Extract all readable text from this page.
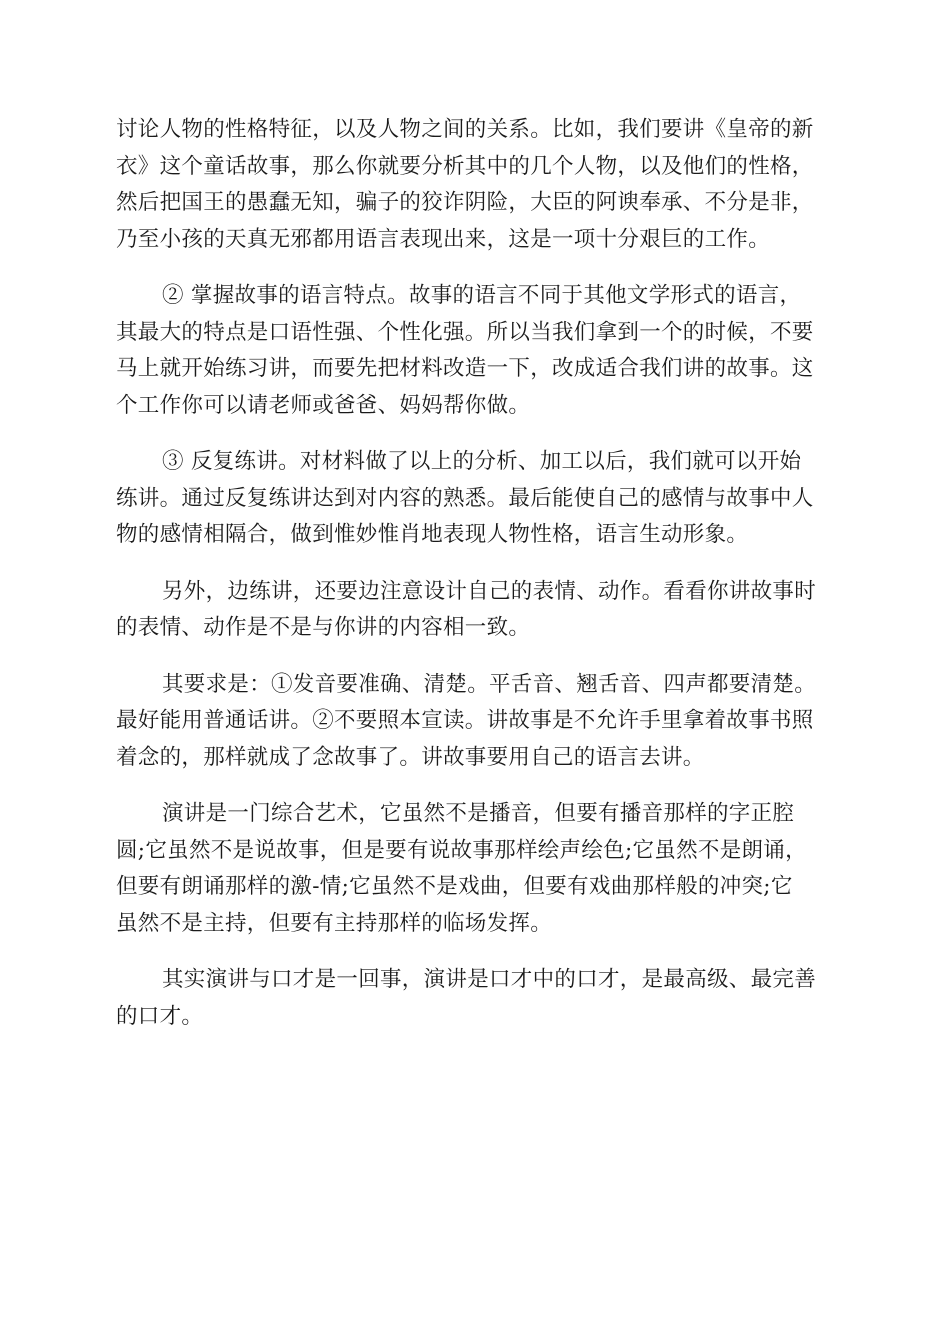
讨论人物的性格特征，以及人物之间的关系。比如，我们要讲《皇帝的新
衣》这个童话故事，那么你就要分析其中的几个人物，以及他们的性格，
然后把国王的愚蠢无知，骗子的狡诈阴险，大臣的阿谀奉承、不分是非，
乃至小孩的天真无邪都用语言表现出来，这是一项十分艰巨的工作。

② 掌握故事的语言特点。故事的语言不同于其他文学形式的语言，
其最大的特点是口语性强、个性化强。所以当我们拿到一个的时候，不要
马上就开始练习讲，而要先把材料改造一下，改成适合我们讲的故事。这
个工作你可以请老师或爸爸、妈妈帮你做。

③ 反复练讲。对材料做了以上的分析、加工以后，我们就可以开始
练讲。通过反复练讲达到对内容的熟悉。最后能使自己的感情与故事中人
物的感情相隔合，做到惟妙惟肖地表现人物性格，语言生动形象。

另外，边练讲，还要边注意设计自己的表情、动作。看看你讲故事时
的表情、动作是不是与你讲的内容相一致。

其要求是：①发音要准确、清楚。平舌音、翘舌音、四声都要清楚。
最好能用普通话讲。②不要照本宣读。讲故事是不允许手里拿着故事书照
着念的，那样就成了念故事了。讲故事要用自己的语言去讲。

演讲是一门综合艺术，它虽然不是播音，但要有播音那样的字正腔
圆;它虽然不是说故事，但是要有说故事那样绘声绘色;它虽然不是朗诵，
但要有朗诵那样的激-情;它虽然不是戏曲，但要有戏曲那样般的冲突;它
虽然不是主持，但要有主持那样的临场发挥。

其实演讲与口才是一回事，演讲是口才中的口才，是最高级、最完善
的口才。
